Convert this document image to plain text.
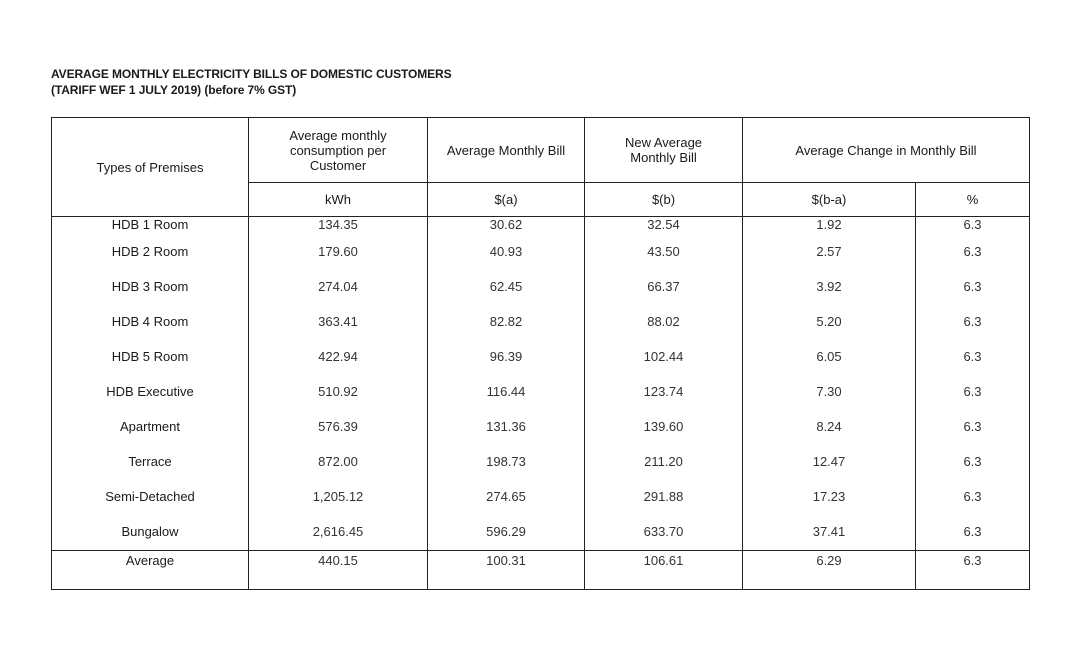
AVERAGE MONTHLY ELECTRICITY BILLS OF DOMESTIC CUSTOMERS
(TARIFF WEF 1 JULY 2019) (before 7% GST)
Types of Premises	Average monthly consumption per Customer	Average Monthly Bill	New Average Monthly Bill	Average Change in Monthly Bill	
	kWh	$(a)	$(b)	$(b-a)	%
HDB 1 Room	134.35	30.62	32.54	1.92	6.3
HDB 2 Room	179.60	40.93	43.50	2.57	6.3
HDB 3 Room	274.04	62.45	66.37	3.92	6.3
HDB 4 Room	363.41	82.82	88.02	5.20	6.3
HDB 5 Room	422.94	96.39	102.44	6.05	6.3
HDB Executive	510.92	116.44	123.74	7.30	6.3
Apartment	576.39	131.36	139.60	8.24	6.3
Terrace	872.00	198.73	211.20	12.47	6.3
Semi-Detached	1,205.12	274.65	291.88	17.23	6.3
Bungalow	2,616.45	596.29	633.70	37.41	6.3
Average	440.15	100.31	106.61	6.29	6.3
